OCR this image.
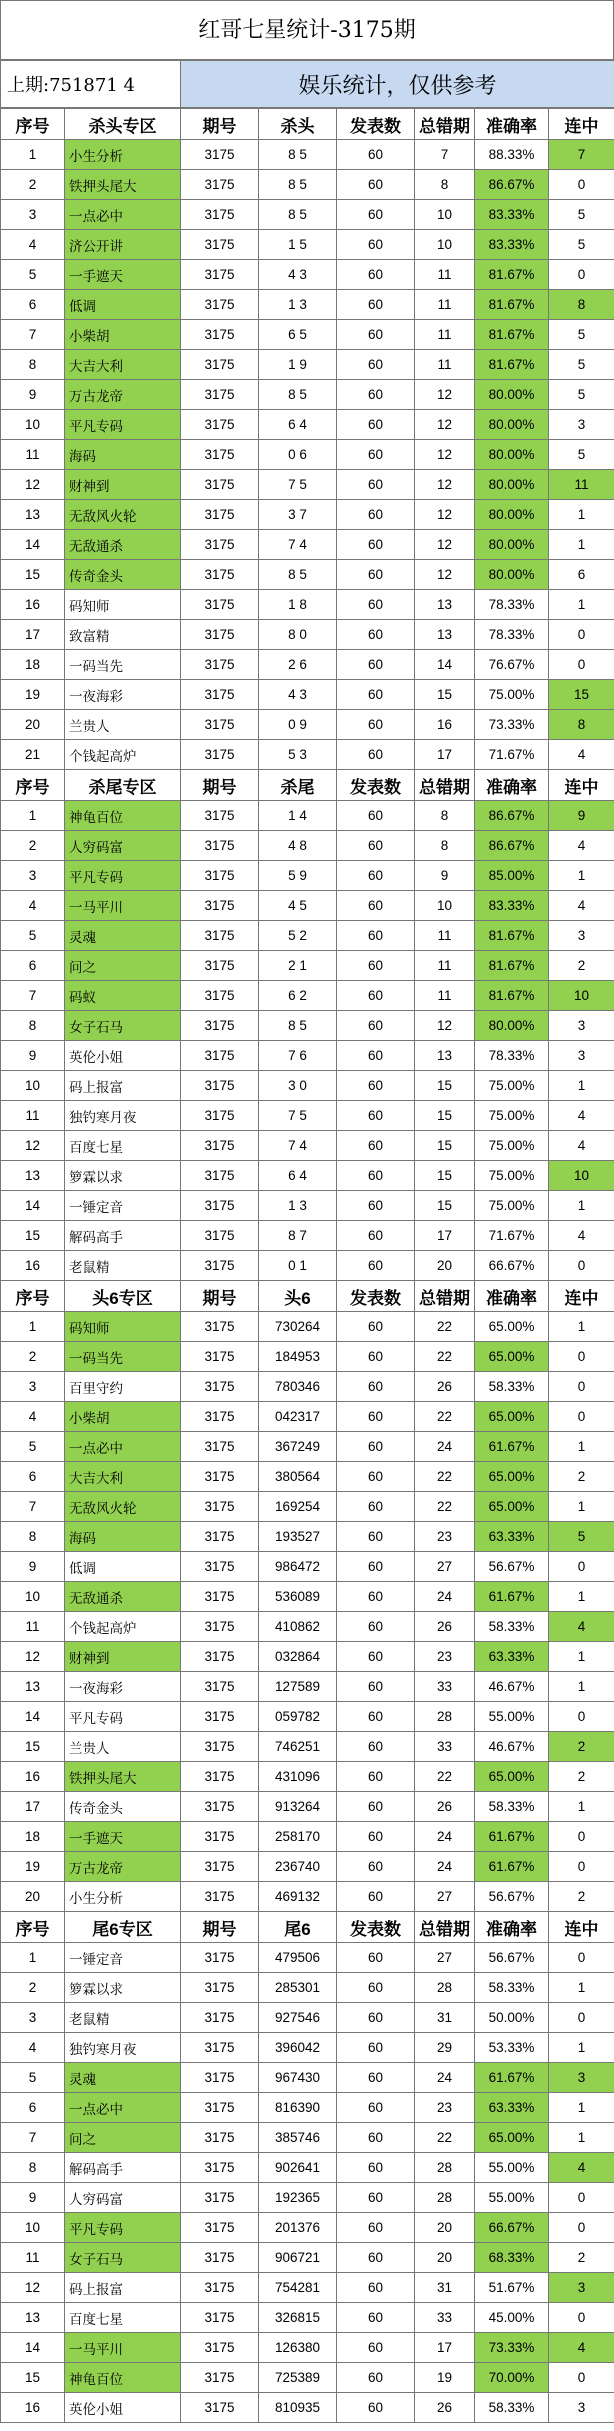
红哥七星统计-3175期
上期:751871 4	娱乐统计，仅供参考
序号	杀头专区	期号	杀头	发表数	总错期	准确率	连中
1	小生分析	3175	8 5	60	7	88.33%	7
2	铁押头尾大	3175	8 5	60	8	86.67%	0
3	一点必中	3175	8 5	60	10	83.33%	5
4	济公开讲	3175	1 5	60	10	83.33%	5
5	一手遮天	3175	4 3	60	11	81.67%	0
6	低调	3175	1 3	60	11	81.67%	8
7	小柴胡	3175	6 5	60	11	81.67%	5
8	大吉大利	3175	1 9	60	11	81.67%	5
9	万古龙帝	3175	8 5	60	12	80.00%	5
10	平凡专码	3175	6 4	60	12	80.00%	3
11	海码	3175	0 6	60	12	80.00%	5
12	财神到	3175	7 5	60	12	80.00%	11
13	无敌风火轮	3175	3 7	60	12	80.00%	1
14	无敌通杀	3175	7 4	60	12	80.00%	1
15	传奇金头	3175	8 5	60	12	80.00%	6
16	码知师	3175	1 8	60	13	78.33%	1
17	致富精	3175	8 0	60	13	78.33%	0
18	一码当先	3175	2 6	60	14	76.67%	0
19	一夜海彩	3175	4 3	60	15	75.00%	15
20	兰贵人	3175	0 9	60	16	73.33%	8
21	个钱起高炉	3175	5 3	60	17	71.67%	4
序号	杀尾专区	期号	杀尾	发表数	总错期	准确率	连中
1	神龟百位	3175	1 4	60	8	86.67%	9
2	人穷码富	3175	4 8	60	8	86.67%	4
3	平凡专码	3175	5 9	60	9	85.00%	1
4	一马平川	3175	4 5	60	10	83.33%	4
5	灵魂	3175	5 2	60	11	81.67%	3
6	问之	3175	2 1	60	11	81.67%	2
7	码蚁	3175	6 2	60	11	81.67%	10
8	女子石马	3175	8 5	60	12	80.00%	3
9	英伦小姐	3175	7 6	60	13	78.33%	3
10	码上报富	3175	3 0	60	15	75.00%	1
11	独钓寒月夜	3175	7 5	60	15	75.00%	4
12	百度七星	3175	7 4	60	15	75.00%	4
13	箩霖以求	3175	6 4	60	15	75.00%	10
14	一锤定音	3175	1 3	60	15	75.00%	1
15	解码高手	3175	8 7	60	17	71.67%	4
16	老鼠精	3175	0 1	60	20	66.67%	0
序号	头6专区	期号	头6	发表数	总错期	准确率	连中
1	码知师	3175	730264	60	22	65.00%	1
2	一码当先	3175	184953	60	22	65.00%	0
3	百里守约	3175	780346	60	26	58.33%	0
4	小柴胡	3175	042317	60	22	65.00%	0
5	一点必中	3175	367249	60	24	61.67%	1
6	大吉大利	3175	380564	60	22	65.00%	2
7	无敌风火轮	3175	169254	60	22	65.00%	1
8	海码	3175	193527	60	23	63.33%	5
9	低调	3175	986472	60	27	56.67%	0
10	无敌通杀	3175	536089	60	24	61.67%	1
11	个钱起高炉	3175	410862	60	26	58.33%	4
12	财神到	3175	032864	60	23	63.33%	1
13	一夜海彩	3175	127589	60	33	46.67%	1
14	平凡专码	3175	059782	60	28	55.00%	0
15	兰贵人	3175	746251	60	33	46.67%	2
16	铁押头尾大	3175	431096	60	22	65.00%	2
17	传奇金头	3175	913264	60	26	58.33%	1
18	一手遮天	3175	258170	60	24	61.67%	0
19	万古龙帝	3175	236740	60	24	61.67%	0
20	小生分析	3175	469132	60	27	56.67%	2
序号	尾6专区	期号	尾6	发表数	总错期	准确率	连中
1	一锤定音	3175	479506	60	27	56.67%	0
2	箩霖以求	3175	285301	60	28	58.33%	1
3	老鼠精	3175	927546	60	31	50.00%	0
4	独钓寒月夜	3175	396042	60	29	53.33%	1
5	灵魂	3175	967430	60	24	61.67%	3
6	一点必中	3175	816390	60	23	63.33%	1
7	问之	3175	385746	60	22	65.00%	1
8	解码高手	3175	902641	60	28	55.00%	4
9	人穷码富	3175	192365	60	28	55.00%	0
10	平凡专码	3175	201376	60	20	66.67%	0
11	女子石马	3175	906721	60	20	68.33%	2
12	码上报富	3175	754281	60	31	51.67%	3
13	百度七星	3175	326815	60	33	45.00%	0
14	一马平川	3175	126380	60	17	73.33%	4
15	神龟百位	3175	725389	60	19	70.00%	0
16	英伦小姐	3175	810935	60	26	58.33%	3
